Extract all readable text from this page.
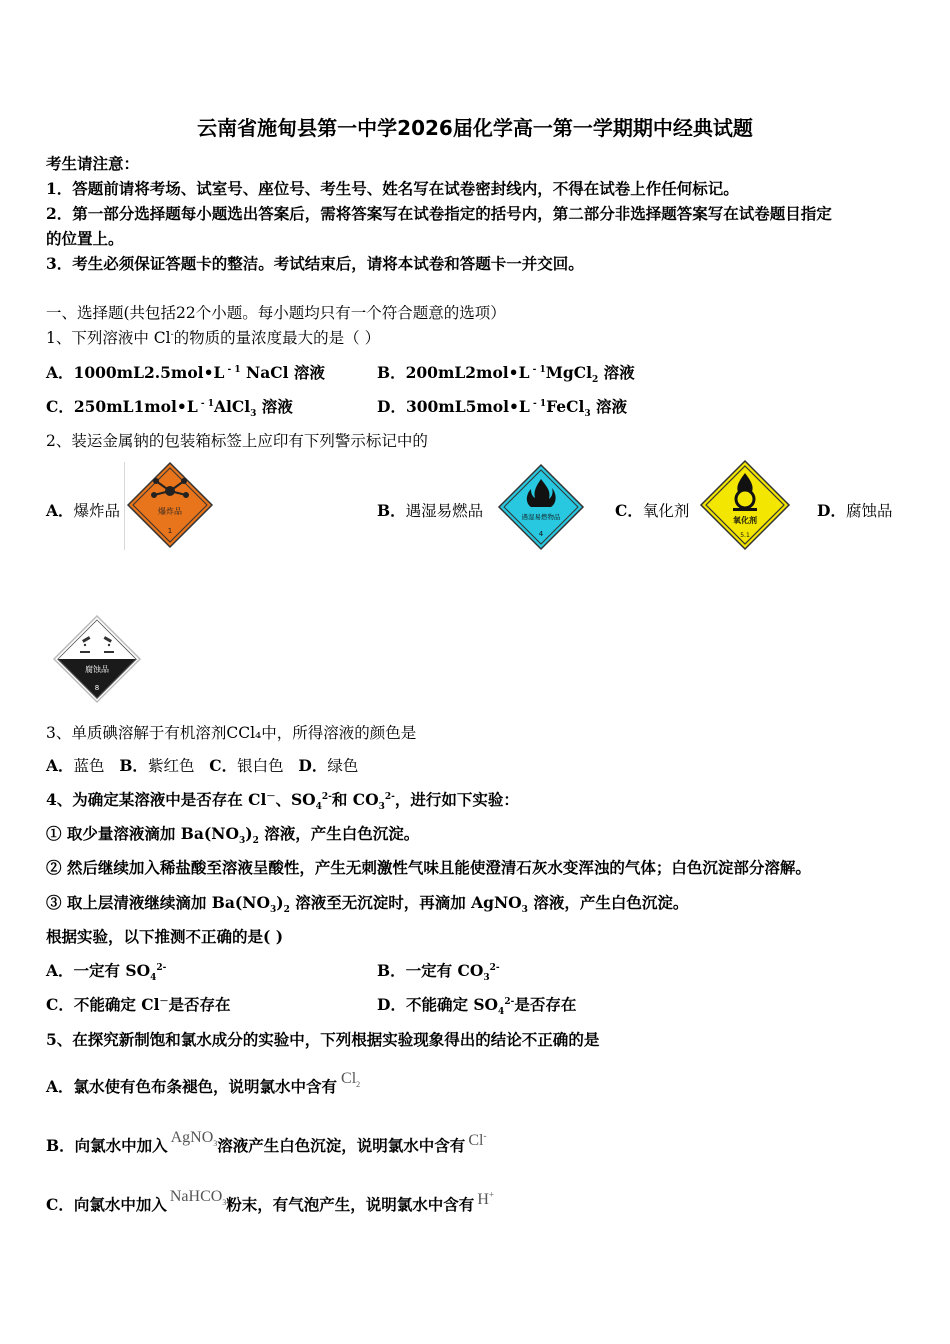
云南省施甸县第一中学2026届化学高一第一学期期中经典试题
考生请注意：
1．答题前请将考场、试室号、座位号、考生号、姓名写在试卷密封线内，不得在试卷上作任何标记。
2．第一部分选择题每小题选出答案后，需将答案写在试卷指定的括号内，第二部分非选择题答案写在试卷题目指定
的位置上。
3．考生必须保证答题卡的整洁。考试结束后，请将本试卷和答题卡一并交回。
一、选择题(共包括22个小题。每小题均只有一个符合题意的选项）
1、下列溶液中 Cl-的物质的量浓度最大的是（ ）
A．1000mL2.5mol•L $^{- 1}$ NaCl 溶液	B．200mL2mol•L $^{- 1}$MgCl$_2$ 溶液
C．250mL1mol•L $^{- 1}$AlCl$_3$ 溶液	D．300mL5mol•L $^{- 1}$FeCl$_3$ 溶液
2、装运金属钠的包装箱标签上应印有下列警示标记中的
A．爆炸品	爆炸品
1
B．遇湿易燃品	遇湿易燃物品
4
C．氧化剂
氧化剂
5.1
D．腐蚀品
腐蚀品
8
3、单质碘溶解于有机溶剂CCl₄中，所得溶液的颜色是
A．蓝色 B．紫红色 C．银白色 D．绿色
4、为确定某溶液中是否存在 Cl－、$SO_4^{2-}$和 $CO_3^{2-}$，进行如下实验：
① 取少量溶液滴加 $Ba(NO_3)_2$ 溶液，产生白色沉淀。
② 然后继续加入稀盐酸至溶液呈酸性，产生无刺激性气味且能使澄清石灰水变浑浊的气体；白色沉淀部分溶解。
③ 取上层清液继续滴加 $Ba(NO_3)_2$ 溶液至无沉淀时，再滴加 AgNO$_3$ 溶液，产生白色沉淀。
根据实验，以下推测不正确的是( )
A．一定有 $SO_4^{2-}$	B．一定有 $CO_3^{2-}$
C．不能确定 Cl－是否存在	D．不能确定 $SO_4^{2-}$是否存在
5、在探究新制饱和氯水成分的实验中，下列根据实验现象得出的结论不正确的是
A．氯水使有色布条褪色，说明氯水中含有 $Cl_2$
B．向氯水中加入 AgNO$_3$溶液产生白色沉淀，说明氯水中含有 Cl-
C．向氯水中加入 NaHCO$_3$粉末，有气泡产生，说明氯水中含有 H+
